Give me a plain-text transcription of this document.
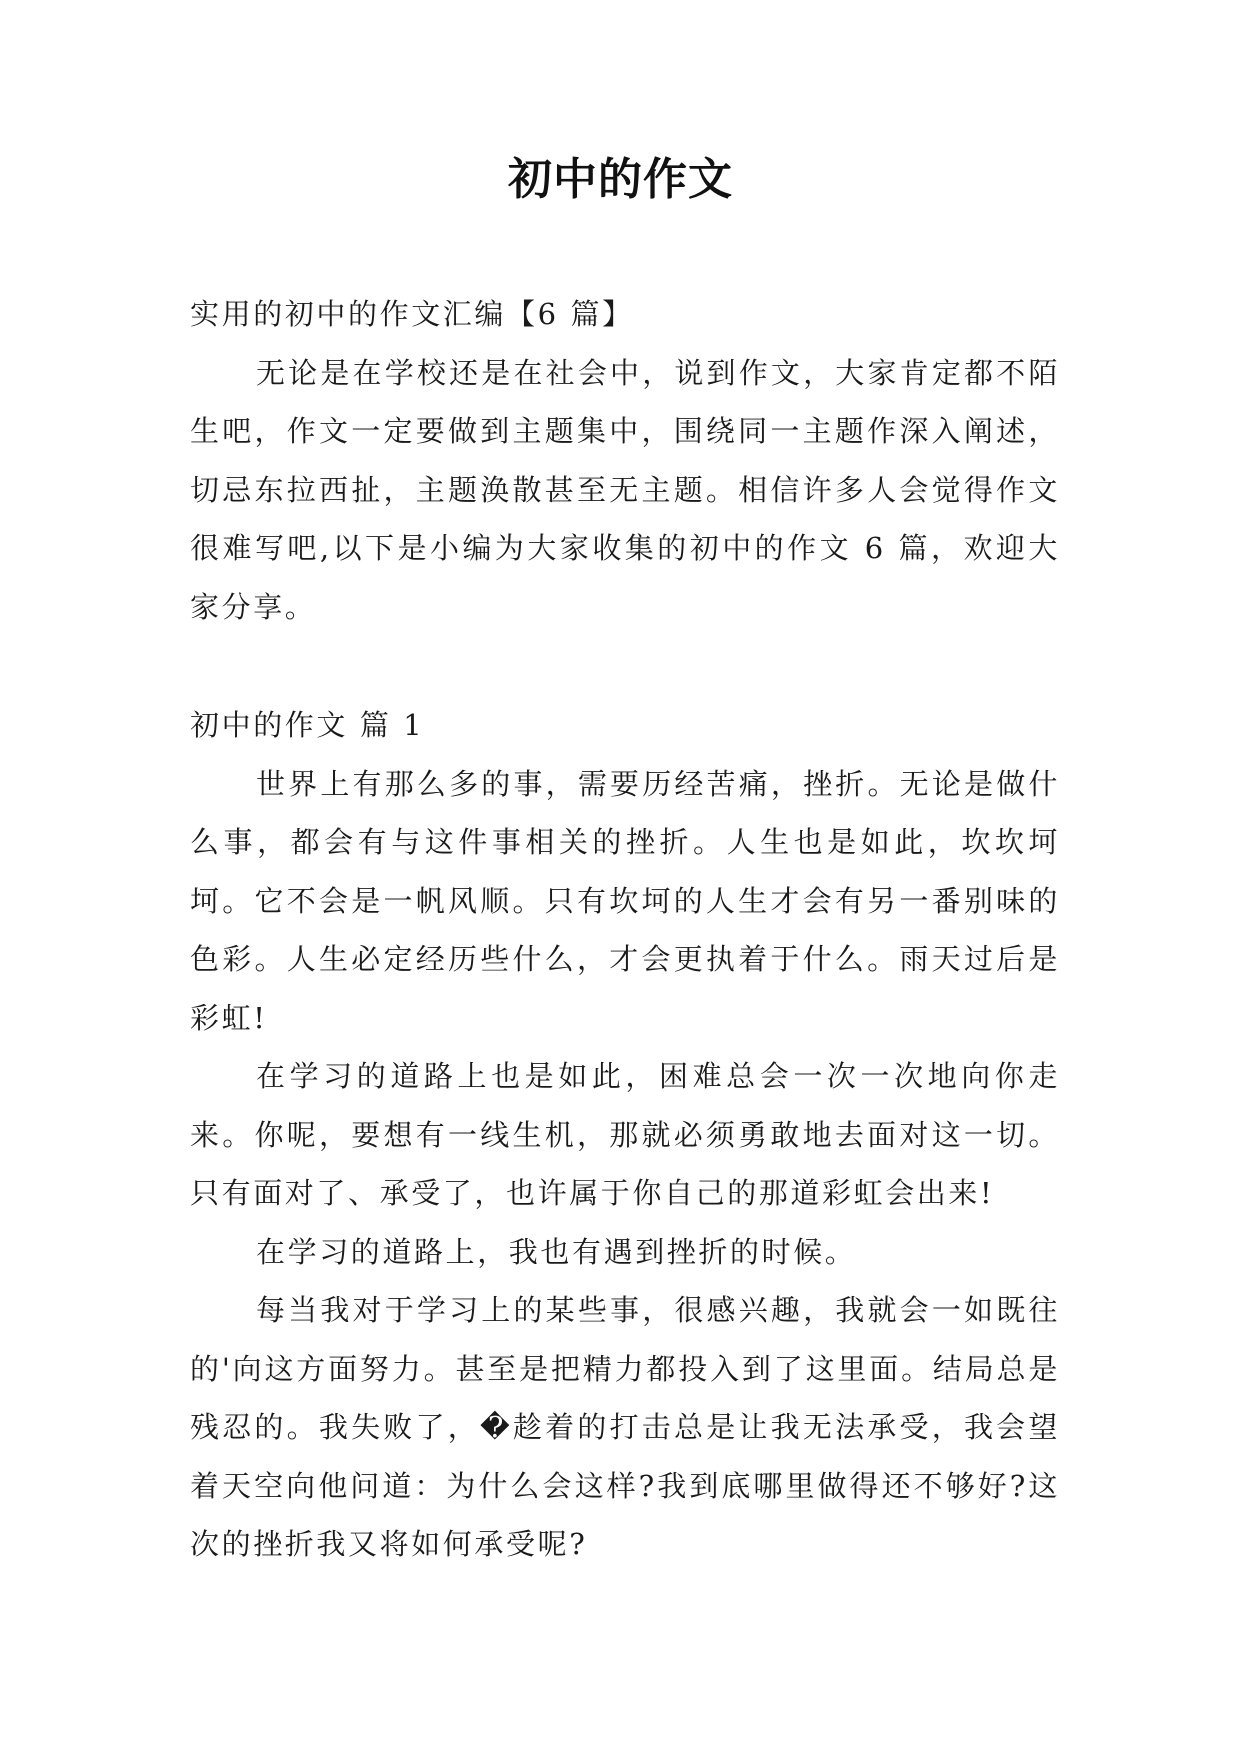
初中的作文

实用的初中的作文汇编【6 篇】

无论是在学校还是在社会中，说到作文，大家肯定都不陌生吧，作文一定要做到主题集中，围绕同一主题作深入阐述，切忌东拉西扯，主题涣散甚至无主题。相信许多人会觉得作文很难写吧,以下是小编为大家收集的初中的作文 6 篇，欢迎大家分享。

初中的作文 篇 1

世界上有那么多的事，需要历经苦痛，挫折。无论是做什么事，都会有与这件事相关的挫折。人生也是如此，坎坎坷坷。它不会是一帆风顺。只有坎坷的人生才会有另一番别味的色彩。人生必定经历些什么，才会更执着于什么。雨天过后是彩虹!

在学习的道路上也是如此，困难总会一次一次地向你走来。你呢，要想有一线生机，那就必须勇敢地去面对这一切。只有面对了、承受了，也许属于你自己的那道彩虹会出来!

在学习的道路上，我也有遇到挫折的时候。

每当我对于学习上的某些事，很感兴趣，我就会一如既往的'向这方面努力。甚至是把精力都投入到了这里面。结局总是残忍的。我失败了，�趁着的打击总是让我无法承受，我会望着天空向他问道：为什么会这样?我到底哪里做得还不够好?这次的挫折我又将如何承受呢?
